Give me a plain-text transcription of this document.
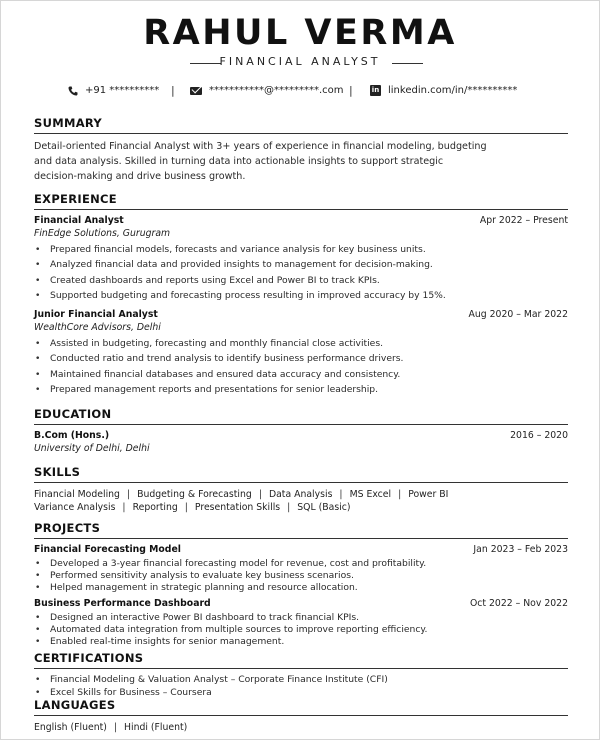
RAHUL VERMA
FINANCIAL ANALYST
+91 ********** |	***********@*********.com |	in linkedin.com/in/**********
SUMMARY
Detail-oriented Financial Analyst with 3+ years of experience in financial modeling, budgeting
and data analysis. Skilled in turning data into actionable insights to support strategic
decision-making and drive business growth.
EXPERIENCE
Financial Analyst	Apr 2022 – Present
FinEdge Solutions, Gurugram
• Prepared financial models, forecasts and variance analysis for key business units.
• Analyzed financial data and provided insights to management for decision-making.
• Created dashboards and reports using Excel and Power BI to track KPIs.
• Supported budgeting and forecasting process resulting in improved accuracy by 15%.
Junior Financial Analyst	Aug 2020 – Mar 2022
WealthCore Advisors, Delhi
• Assisted in budgeting, forecasting and monthly financial close activities.
• Conducted ratio and trend analysis to identify business performance drivers.
• Maintained financial databases and ensured data accuracy and consistency.
• Prepared management reports and presentations for senior leadership.
EDUCATION
B.Com (Hons.)	2016 – 2020
University of Delhi, Delhi
SKILLS
Financial Modeling | Budgeting & Forecasting | Data Analysis | MS Excel | Power BI
Variance Analysis | Reporting | Presentation Skills | SQL (Basic)
PROJECTS
Financial Forecasting Model	Jan 2023 – Feb 2023
• Developed a 3-year financial forecasting model for revenue, cost and profitability.
• Performed sensitivity analysis to evaluate key business scenarios.
• Helped management in strategic planning and resource allocation.
Business Performance Dashboard	Oct 2022 – Nov 2022
• Designed an interactive Power BI dashboard to track financial KPIs.
• Automated data integration from multiple sources to improve reporting efficiency.
• Enabled real-time insights for senior management.
CERTIFICATIONS
• Financial Modeling & Valuation Analyst – Corporate Finance Institute (CFI)
• Excel Skills for Business – Coursera
LANGUAGES
English (Fluent) | Hindi (Fluent)
